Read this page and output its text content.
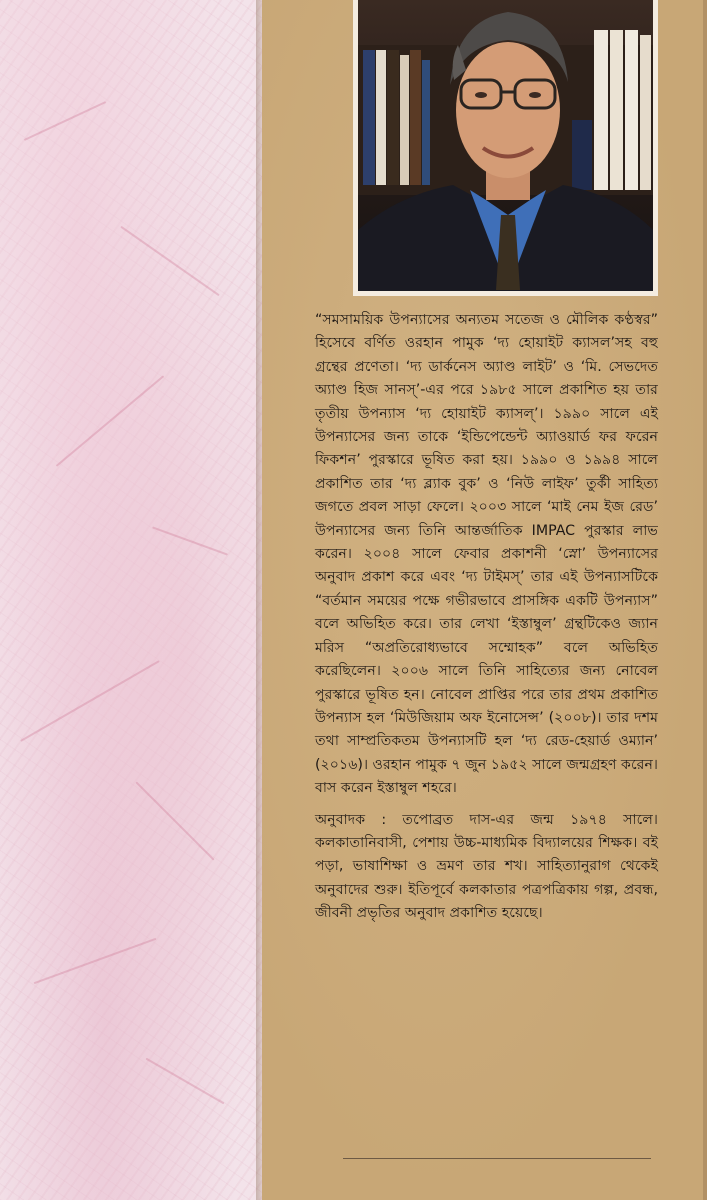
“সমসাময়িক উপন্যাসের অন্যতম সতেজ ও মৌলিক কণ্ঠস্বর” হিসেবে বর্ণিত ওরহান পামুক ‘দ্য হোয়াইট ক্যাসল’সহ বহু গ্রন্থের প্রণেতা। ‘দ্য ডার্কনেস অ্যাণ্ড লাইট’ ও ‘মি. সেভদেত অ্যাণ্ড হিজ সানস্’-এর পরে ১৯৮৫ সালে প্রকাশিত হয় তার তৃতীয় উপন্যাস ‘দ্য হোয়াইট ক্যাসল্’। ১৯৯০ সালে এই উপন্যাসের জন্য তাকে ‘ইন্ডিপেন্ডেন্ট অ্যাওয়ার্ড ফর ফরেন ফিকশন’ পুরস্কারে ভূষিত করা হয়। ১৯৯০ ও ১৯৯৪ সালে প্রকাশিত তার ‘দ্য ব্ল্যাক বুক’ ও ‘নিউ লাইফ’ তুর্কী সাহিত্য জগতে প্রবল সাড়া ফেলে। ২০০৩ সালে ‘মাই নেম ইজ রেড’ উপন্যাসের জন্য তিনি আন্তর্জাতিক IMPAC পুরস্কার লাভ করেন। ২০০৪ সালে ফেবার প্রকাশনী ‘স্নো’ উপন্যাসের অনুবাদ প্রকাশ করে এবং ‘দ্য টাইমস্’ তার এই উপন্যাসটিকে “বর্তমান সময়ের পক্ষে গভীরভাবে প্রাসঙ্গিক একটি উপন্যাস” বলে অভিহিত করে। তার লেখা ‘ইস্তাম্বুল’ গ্রন্থটিকেও জ্যান মরিস “অপ্রতিরোধ্যভাবে সম্মোহক” বলে অভিহিত করেছিলেন। ২০০৬ সালে তিনি সাহিত্যের জন্য নোবেল পুরস্কারে ভূষিত হন। নোবেল প্রাপ্তির পরে তার প্রথম প্রকাশিত উপন্যাস হল ‘মিউজিয়াম অফ ইনোসেন্স’ (২০০৮)। তার দশম তথা সাম্প্রতিকতম উপন্যাসটি হল ‘দ্য রেড-হেয়ার্ড ওম্যান’ (২০১৬)। ওরহান পামুক ৭ জুন ১৯৫২ সালে জন্মগ্রহণ করেন। বাস করেন ইস্তাম্বুল শহরে।

অনুবাদক : তপোব্রত দাস-এর জন্ম ১৯৭৪ সালে। কলকাতানিবাসী, পেশায় উচ্চ-মাধ্যমিক বিদ্যালয়ের শিক্ষক। বই পড়া, ভাষাশিক্ষা ও ভ্রমণ তার শখ। সাহিত্যানুরাগ থেকেই অনুবাদের শুরু। ইতিপূর্বে কলকাতার পত্রপত্রিকায় গল্প, প্রবন্ধ, জীবনী প্রভৃতির অনুবাদ প্রকাশিত হয়েছে।
